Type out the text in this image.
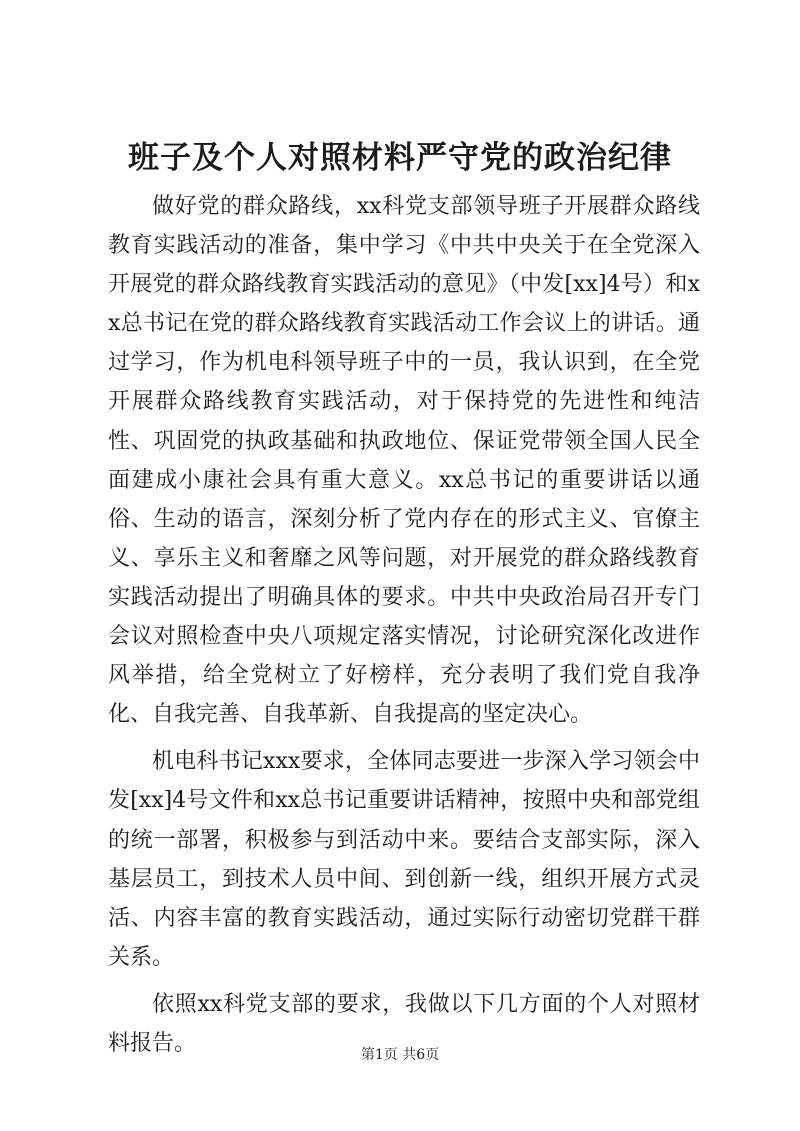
班子及个人对照材料严守党的政治纪律

做好党的群众路线，xx科党支部领导班子开展群众路线教育实践活动的准备，集中学习《中共中央关于在全党深入开展党的群众路线教育实践活动的意见》（中发[xx]4号）和xx总书记在党的群众路线教育实践活动工作会议上的讲话。通过学习，作为机电科领导班子中的一员，我认识到，在全党开展群众路线教育实践活动，对于保持党的先进性和纯洁性、巩固党的执政基础和执政地位、保证党带领全国人民全面建成小康社会具有重大意义。xx总书记的重要讲话以通俗、生动的语言，深刻分析了党内存在的形式主义、官僚主义、享乐主义和奢靡之风等问题，对开展党的群众路线教育实践活动提出了明确具体的要求。中共中央政治局召开专门会议对照检查中央八项规定落实情况，讨论研究深化改进作风举措，给全党树立了好榜样，充分表明了我们党自我净化、自我完善、自我革新、自我提高的坚定决心。

机电科书记xxx要求，全体同志要进一步深入学习领会中发[xx]4号文件和xx总书记重要讲话精神，按照中央和部党组的统一部署，积极参与到活动中来。要结合支部实际，深入基层员工，到技术人员中间、到创新一线，组织开展方式灵活、内容丰富的教育实践活动，通过实际行动密切党群干群关系。

依照xx科党支部的要求，我做以下几方面的个人对照材料报告。	第1页 共6页
